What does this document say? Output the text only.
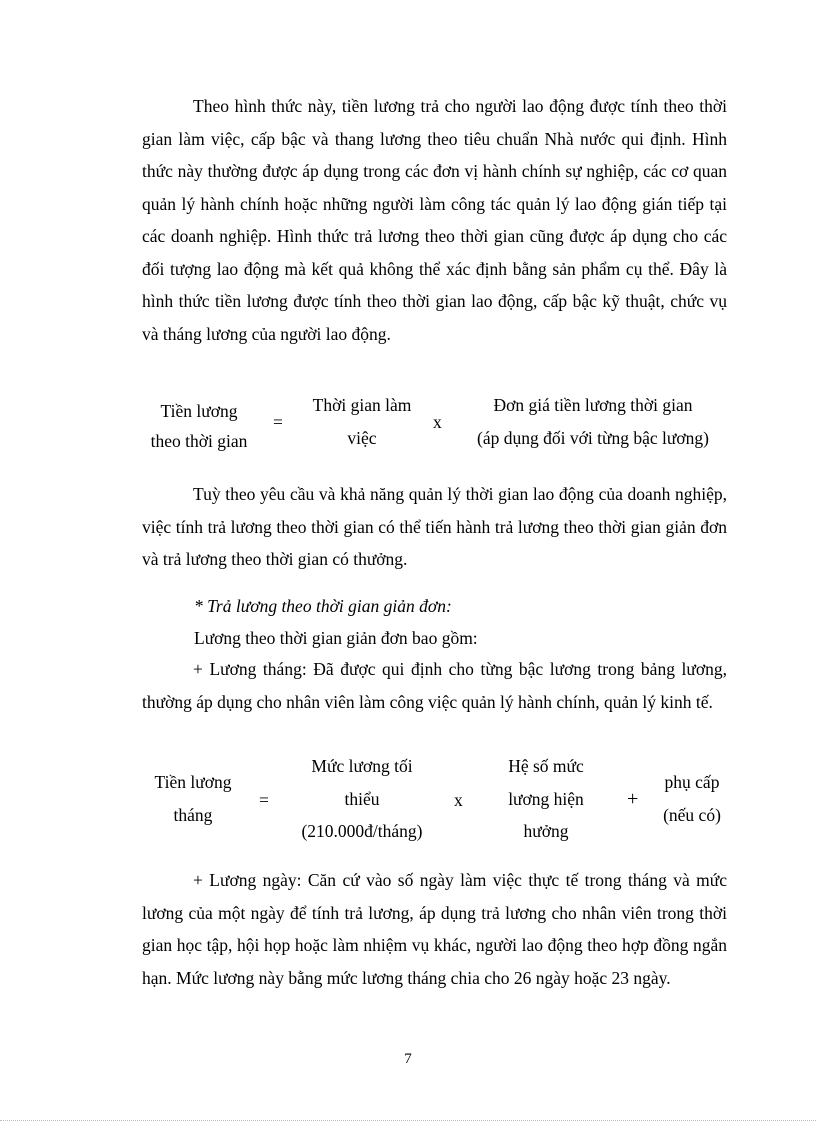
Theo hình thức này, tiền lương trả cho người lao động được tính theo thời gian làm việc, cấp bậc và thang lương theo tiêu chuẩn Nhà nước qui định. Hình thức này thường được áp dụng trong các đơn vị hành chính sự nghiệp, các cơ quan quản lý hành chính hoặc những người làm công tác quản lý lao động gián tiếp tại các doanh nghiệp. Hình thức trả lương theo thời gian cũng được áp dụng cho các đối tượng lao động mà kết quả không thể xác định bằng sản phẩm cụ thể. Đây là hình thức tiền lương được tính theo thời gian lao động, cấp bậc kỹ thuật, chức vụ và tháng lương của người lao động.

Tiền lương
theo thời gian
=
Thời gian làm
việc
x
Đơn giá tiền lương thời gian
(áp dụng đối với từng bậc lương)

Tuỳ theo yêu cầu và khả năng quản lý thời gian lao động của doanh nghiệp, việc tính trả lương theo thời gian có thể tiến hành trả lương theo thời gian giản đơn và trả lương theo thời gian có thưởng.

* Trả lương theo thời gian giản đơn:

Lương theo thời gian giản đơn bao gồm:

+ Lương tháng: Đã được qui định cho từng bậc lương trong bảng lương, thường áp dụng cho nhân viên làm công việc quản lý hành chính, quản lý kinh tế.

Tiền lương
tháng
=
Mức lương tối
thiểu
(210.000đ/tháng)
x
Hệ số mức
lương hiện
hưởng
+
phụ cấp
(nếu có)

+ Lương ngày: Căn cứ vào số ngày làm việc thực tế trong tháng và mức lương của một ngày để tính trả lương, áp dụng trả lương cho nhân viên trong thời gian học tập, hội họp hoặc làm nhiệm vụ khác, người lao động theo hợp đồng ngắn hạn. Mức lương này bằng mức lương tháng chia cho 26 ngày hoặc 23 ngày.

7
